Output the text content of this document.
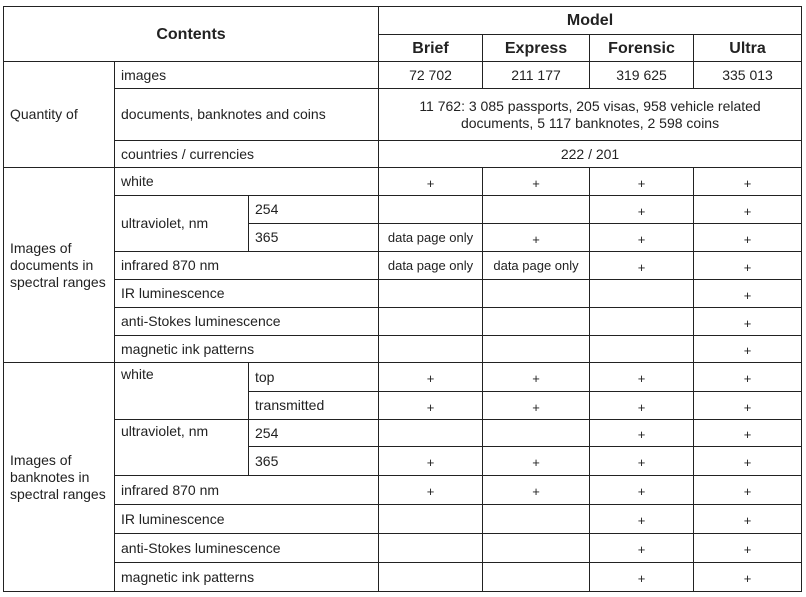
Contents			Model			
			Brief	Express	Forensic	Ultra
Quantity of	images		72 702	211 177	319 625	335 013
	documents, banknotes and coins		11 762: 3 085 passports, 205 visas, 958 vehicle related documents, 5 117 banknotes, 2 598 coins			
	countries / currencies		222 / 201			
Images of documents in spectral ranges	white		+	+	+	+
	ultraviolet, nm	254			+	+
		365	data page only	+	+	+
	infrared 870 nm		data page only	data page only	+	+
	IR luminescence					+
	anti-Stokes luminescence					+
	magnetic ink patterns					+
Images of banknotes in spectral ranges	white	top	+	+	+	+
		transmitted	+	+	+	+
	ultraviolet, nm	254			+	+
		365	+	+	+	+
	infrared 870 nm		+	+	+	+
	IR luminescence				+	+
	anti-Stokes luminescence				+	+
	magnetic ink patterns				+	+
